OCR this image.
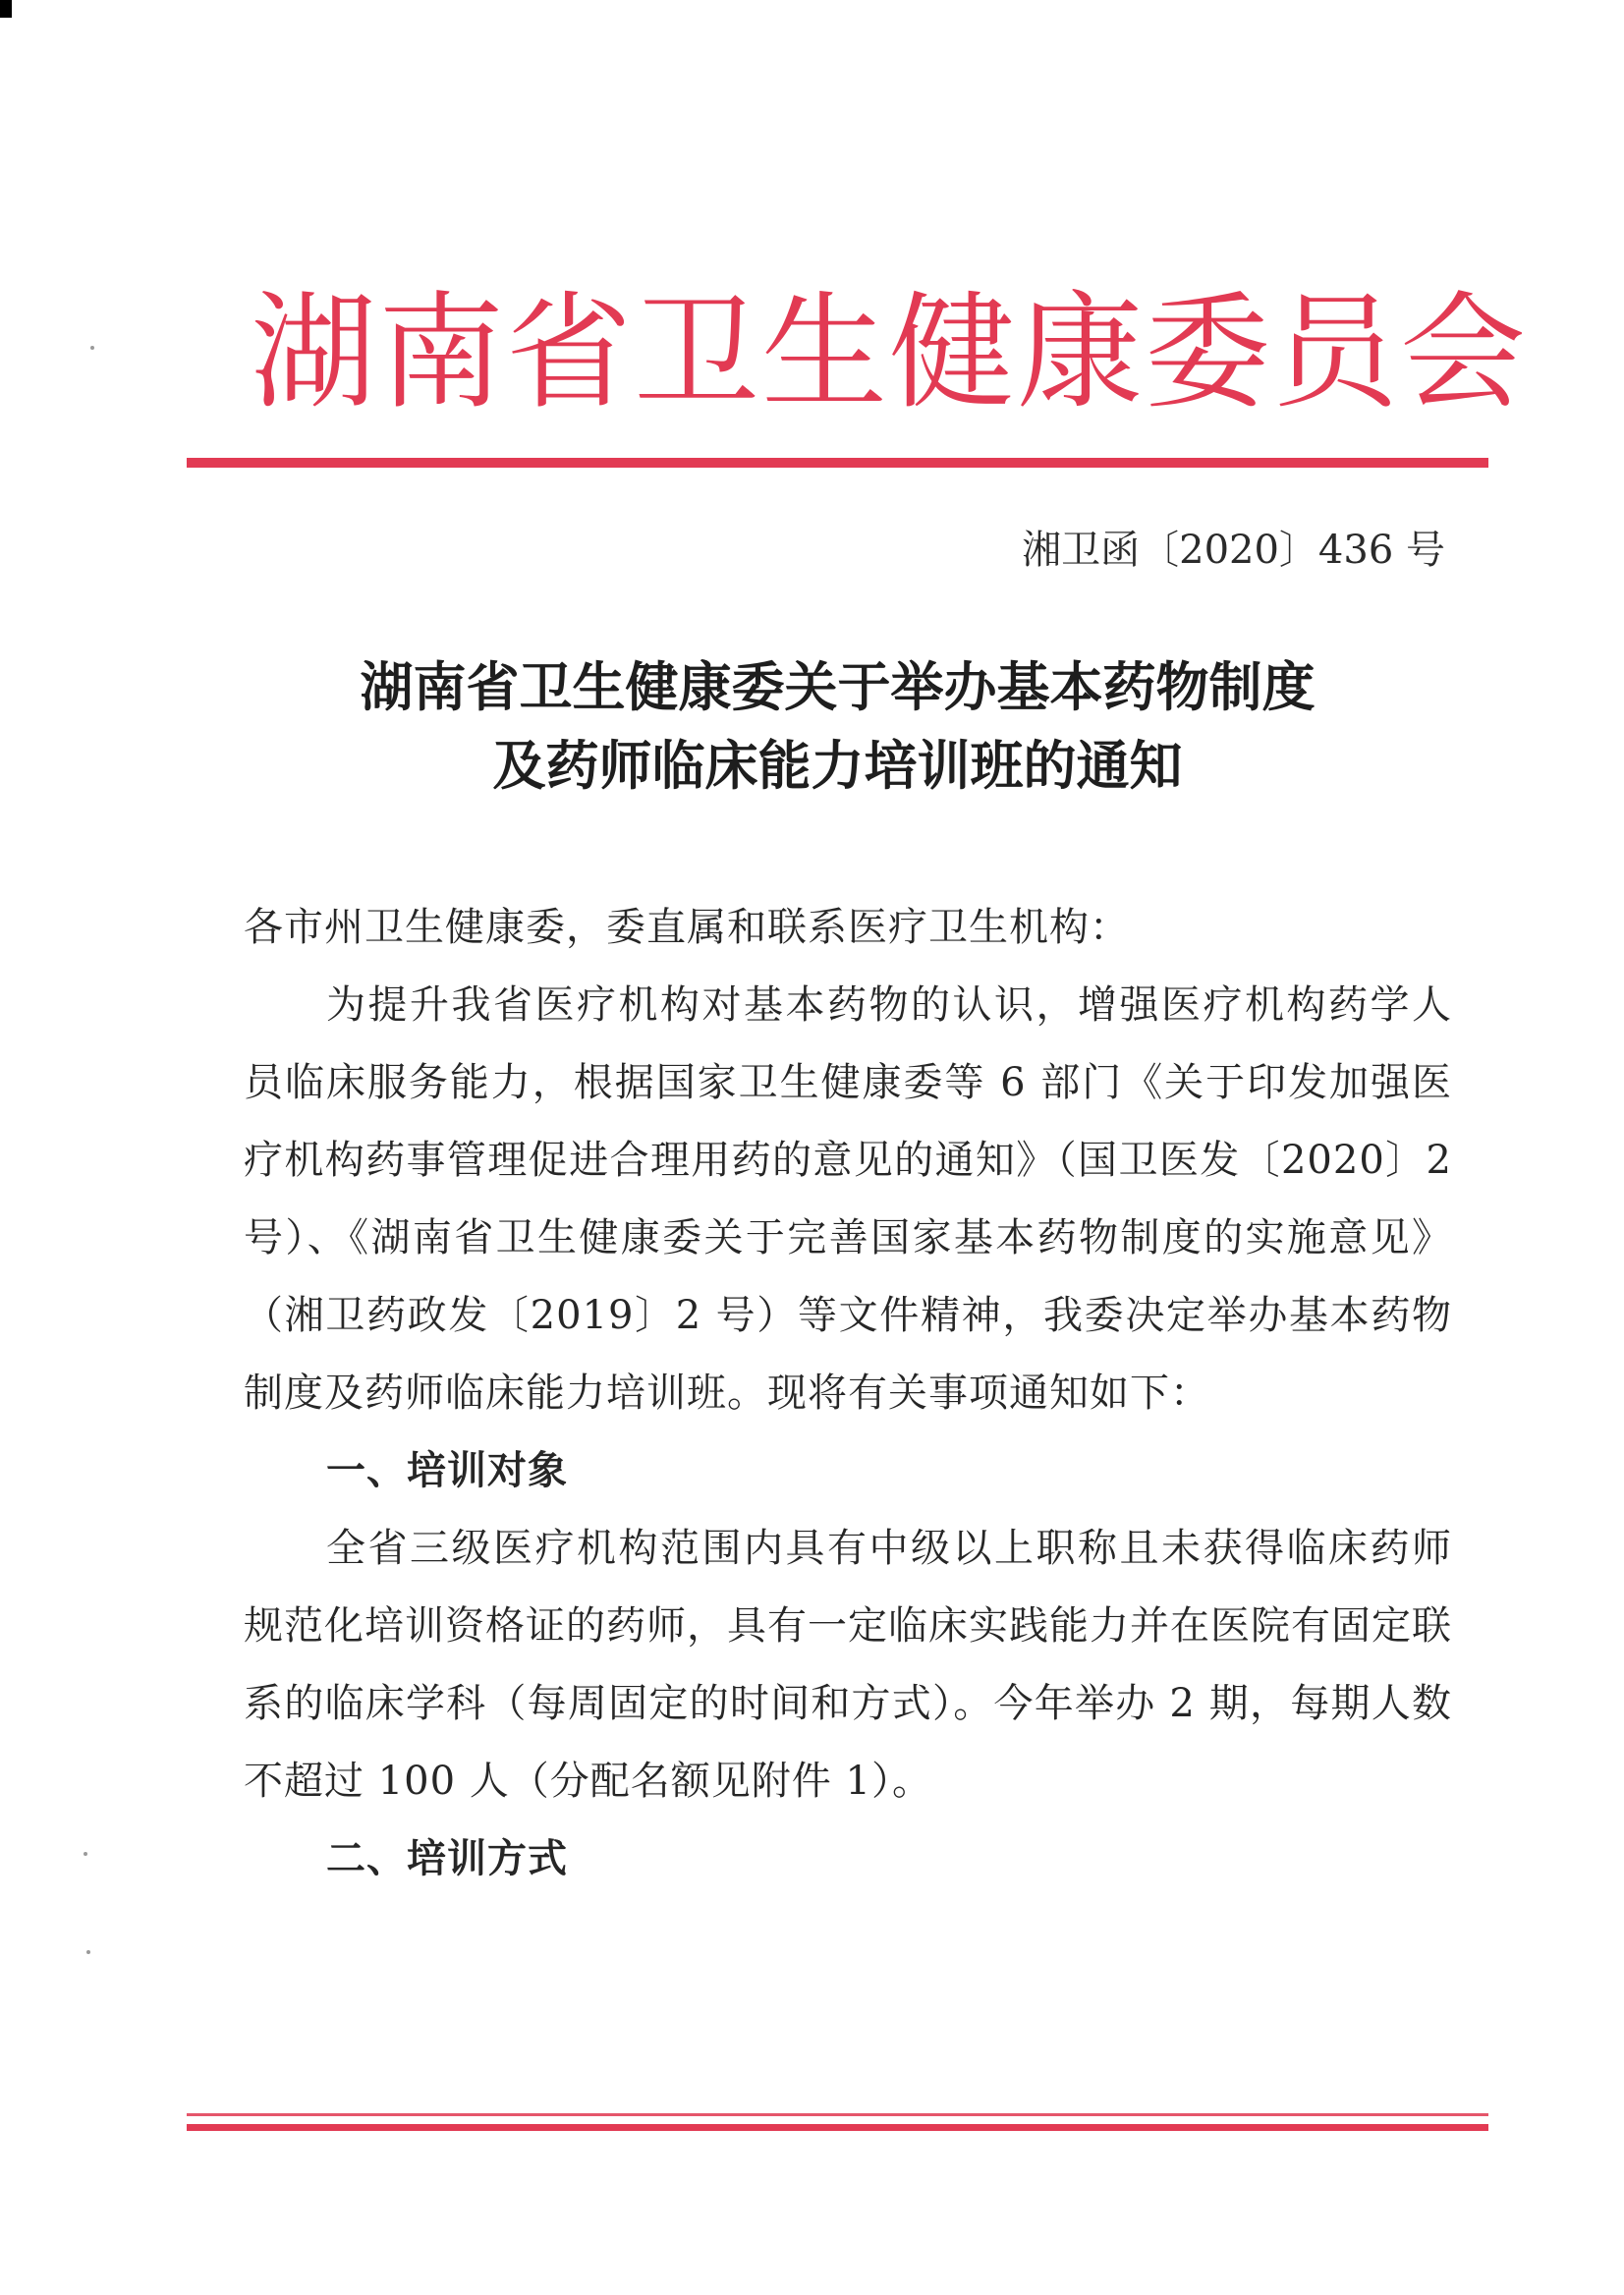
湖南省卫生健康委员会
湘卫函〔2020〕436 号
湖南省卫生健康委关于举办基本药物制度
及药师临床能力培训班的通知

各市州卫生健康委，委直属和联系医疗卫生机构：

为提升我省医疗机构对基本药物的认识，增强医疗机构药学人员临床服务能力，根据国家卫生健康委等 6 部门《关于印发加强医疗机构药事管理促进合理用药的意见的通知》（国卫医发〔2020〕2 号）、《湖南省卫生健康委关于完善国家基本药物制度的实施意见》（湘卫药政发〔2019〕2 号）等文件精神，我委决定举办基本药物制度及药师临床能力培训班。现将有关事项通知如下：

一、培训对象

全省三级医疗机构范围内具有中级以上职称且未获得临床药师规范化培训资格证的药师，具有一定临床实践能力并在医院有固定联系的临床学科（每周固定的时间和方式）。今年举办 2 期，每期人数不超过 100 人（分配名额见附件 1）。

二、培训方式
